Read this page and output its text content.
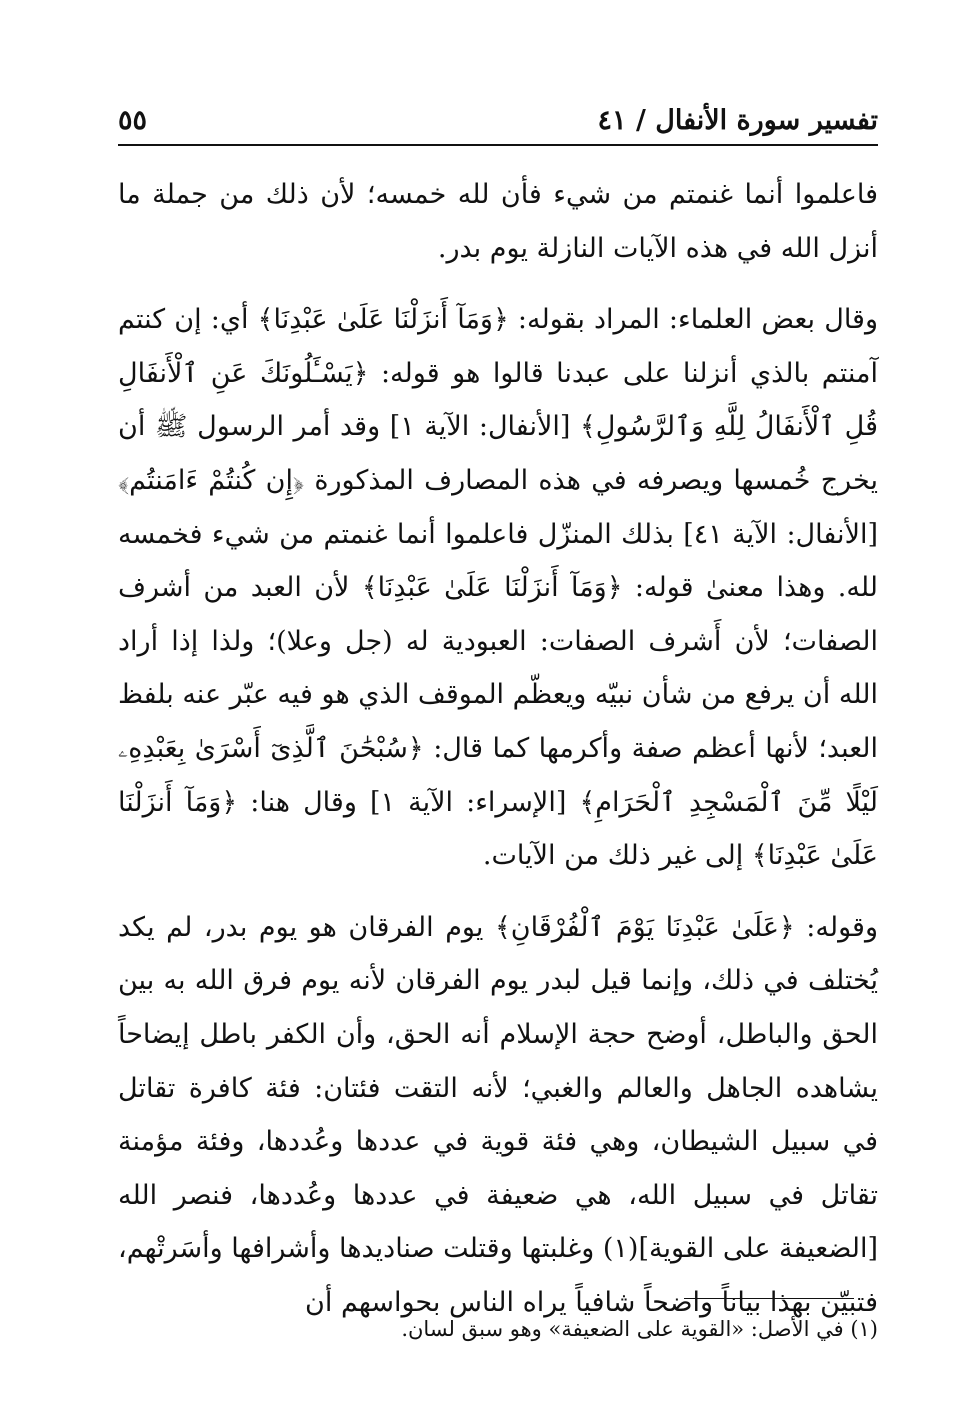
تفسير سورة الأنفال / ٤١
٥٥

فاعلموا أنما غنمتم من شيء فأن لله خمسه؛ لأن ذلك من جملة ما أنزل الله في هذه الآيات النازلة يوم بدر.

وقال بعض العلماء: المراد بقوله: ﴿وَمَآ أَنزَلْنَا عَلَىٰ عَبْدِنَا﴾ أي: إن كنتم آمنتم بالذي أنزلنا على عبدنا قالوا هو قوله: ﴿يَسْـَٔلُونَكَ عَنِ ٱلْأَنفَالِ قُلِ ٱلْأَنفَالُ لِلَّهِ وَٱلرَّسُولِ﴾ [الأنفال: الآية ١] وقد أمر الرسول ﷺ أن يخرج خُمسها ويصرفه في هذه المصارف المذكورة ﴿إِن كُنتُمْ ءَامَنتُم﴾ [الأنفال: الآية ٤١] بذلك المنزّل فاعلموا أنما غنمتم من شيء فخمسه لله. وهذا معنىٰ قوله: ﴿وَمَآ أَنزَلْنَا عَلَىٰ عَبْدِنَا﴾ لأن العبد من أشرف الصفات؛ لأن أَشرف الصفات: العبودية له (جل وعلا)؛ ولذا إذا أراد الله أن يرفع من شأن نبيّه ويعظّم الموقف الذي هو فيه عبّر عنه بلفظ العبد؛ لأنها أعظم صفة وأكرمها كما قال: ﴿سُبْحَٰنَ ٱلَّذِىٓ أَسْرَىٰ بِعَبْدِهِۦ لَيْلًا مِّنَ ٱلْمَسْجِدِ ٱلْحَرَامِ﴾ [الإسراء: الآية ١] وقال هنا: ﴿وَمَآ أَنزَلْنَا عَلَىٰ عَبْدِنَا﴾ إلى غير ذلك من الآيات.

وقوله: ﴿عَلَىٰ عَبْدِنَا يَوْمَ ٱلْفُرْقَانِ﴾ يوم الفرقان هو يوم بدر، لم يكد يُختلف في ذلك، وإنما قيل لبدر يوم الفرقان لأنه يوم فرق الله به بين الحق والباطل، أوضح حجة الإسلام أنه الحق، وأن الكفر باطل إيضاحاً يشاهده الجاهل والعالم والغبي؛ لأنه التقت فئتان: فئة كافرة تقاتل في سبيل الشيطان، وهي فئة قوية في عددها وعُددها، وفئة مؤمنة تقاتل في سبيل الله، هي ضعيفة في عددها وعُددها، فنصر الله [الضعيفة على القوية](١) وغلبتها وقتلت صناديدها وأشرافها وأسَرتْهم، فتبيّن بهذا بياناً واضحاً شافياً يراه الناس بحواسهم أن

(١) في الأصل: «القوية على الضعيفة» وهو سبق لسان.
